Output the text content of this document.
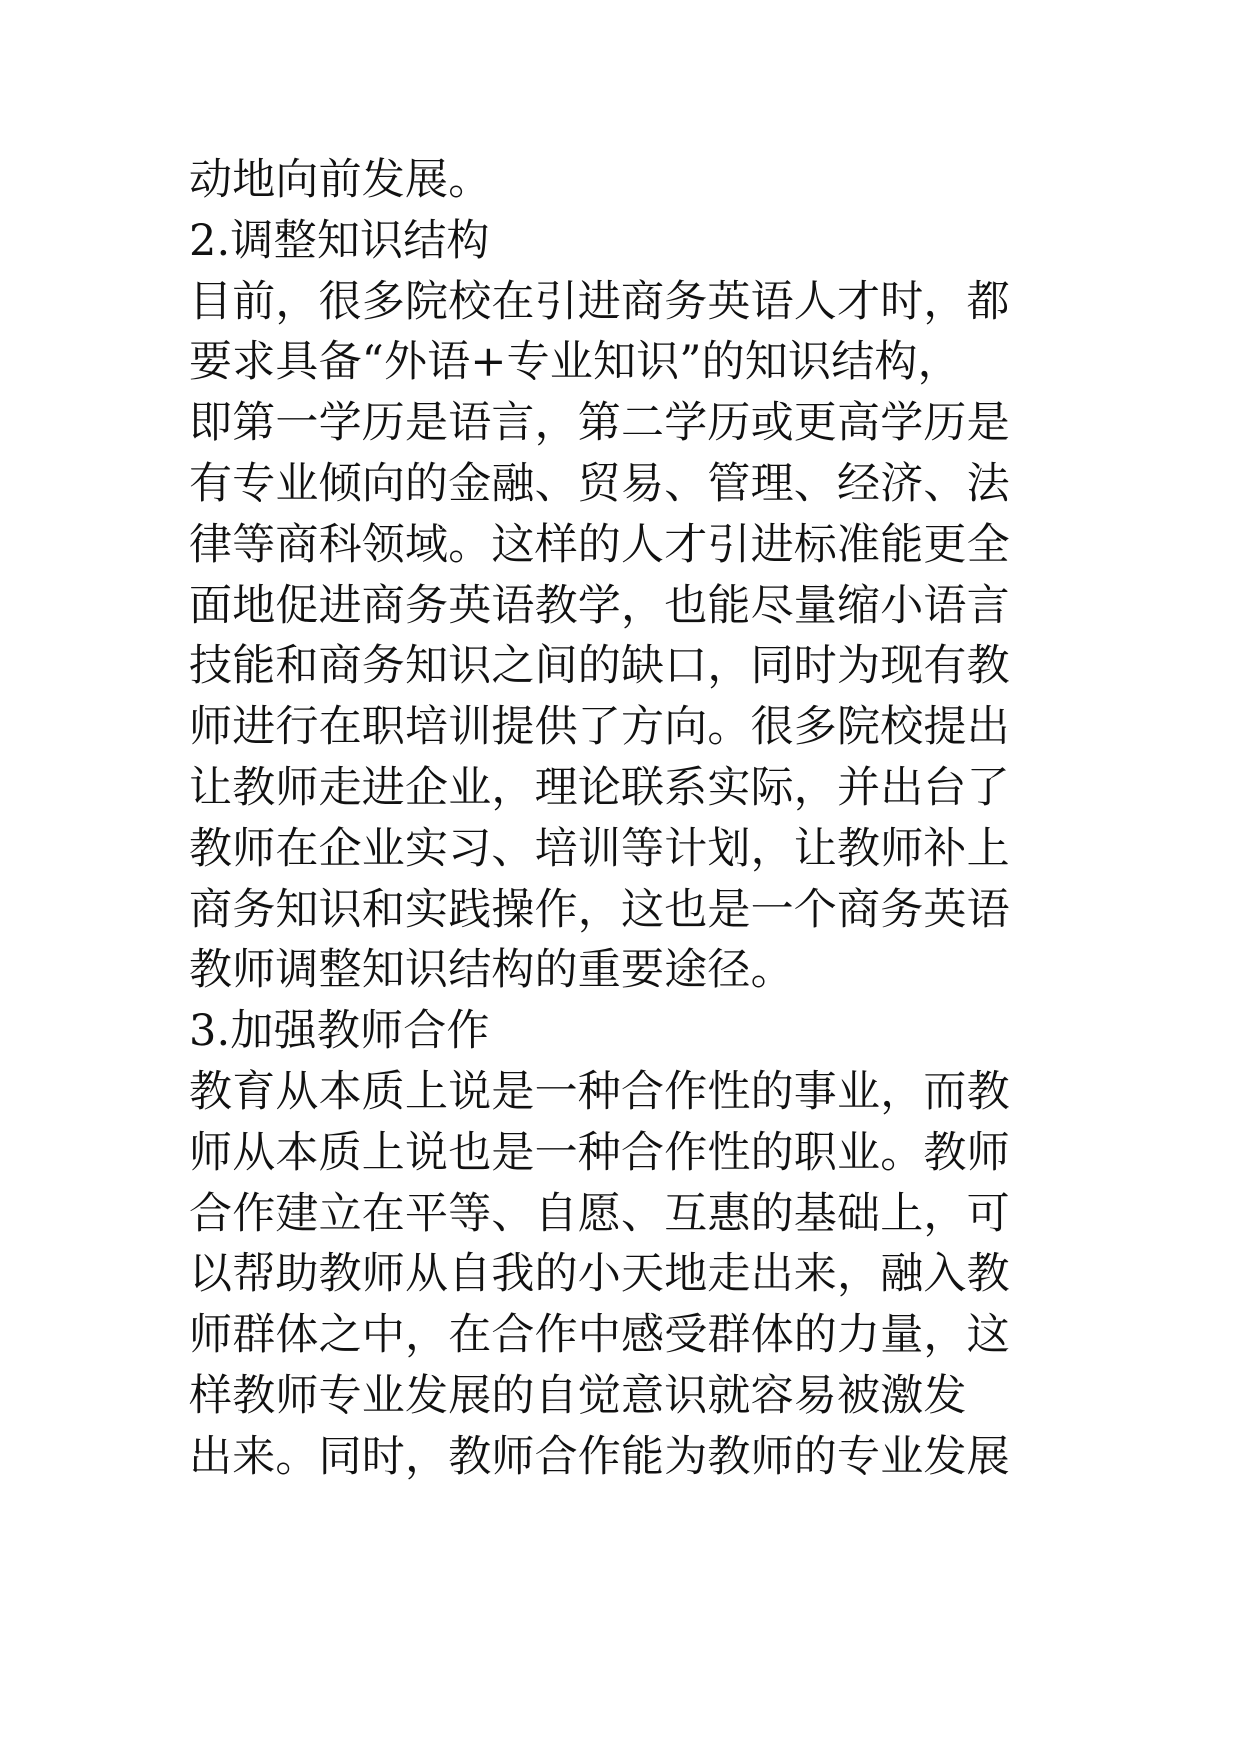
动地向前发展。
2.调整知识结构
目前，很多院校在引进商务英语人才时，都
要求具备“外语+专业知识”的知识结构，
即第一学历是语言，第二学历或更高学历是
有专业倾向的金融、贸易、管理、经济、法
律等商科领域。这样的人才引进标准能更全
面地促进商务英语教学，也能尽量缩小语言
技能和商务知识之间的缺口，同时为现有教
师进行在职培训提供了方向。很多院校提出
让教师走进企业，理论联系实际，并出台了
教师在企业实习、培训等计划，让教师补上
商务知识和实践操作，这也是一个商务英语
教师调整知识结构的重要途径。
3.加强教师合作
教育从本质上说是一种合作性的事业，而教
师从本质上说也是一种合作性的职业。教师
合作建立在平等、自愿、互惠的基础上，可
以帮助教师从自我的小天地走出来，融入教
师群体之中，在合作中感受群体的力量，这
样教师专业发展的自觉意识就容易被激发
出来。同时，教师合作能为教师的专业发展
